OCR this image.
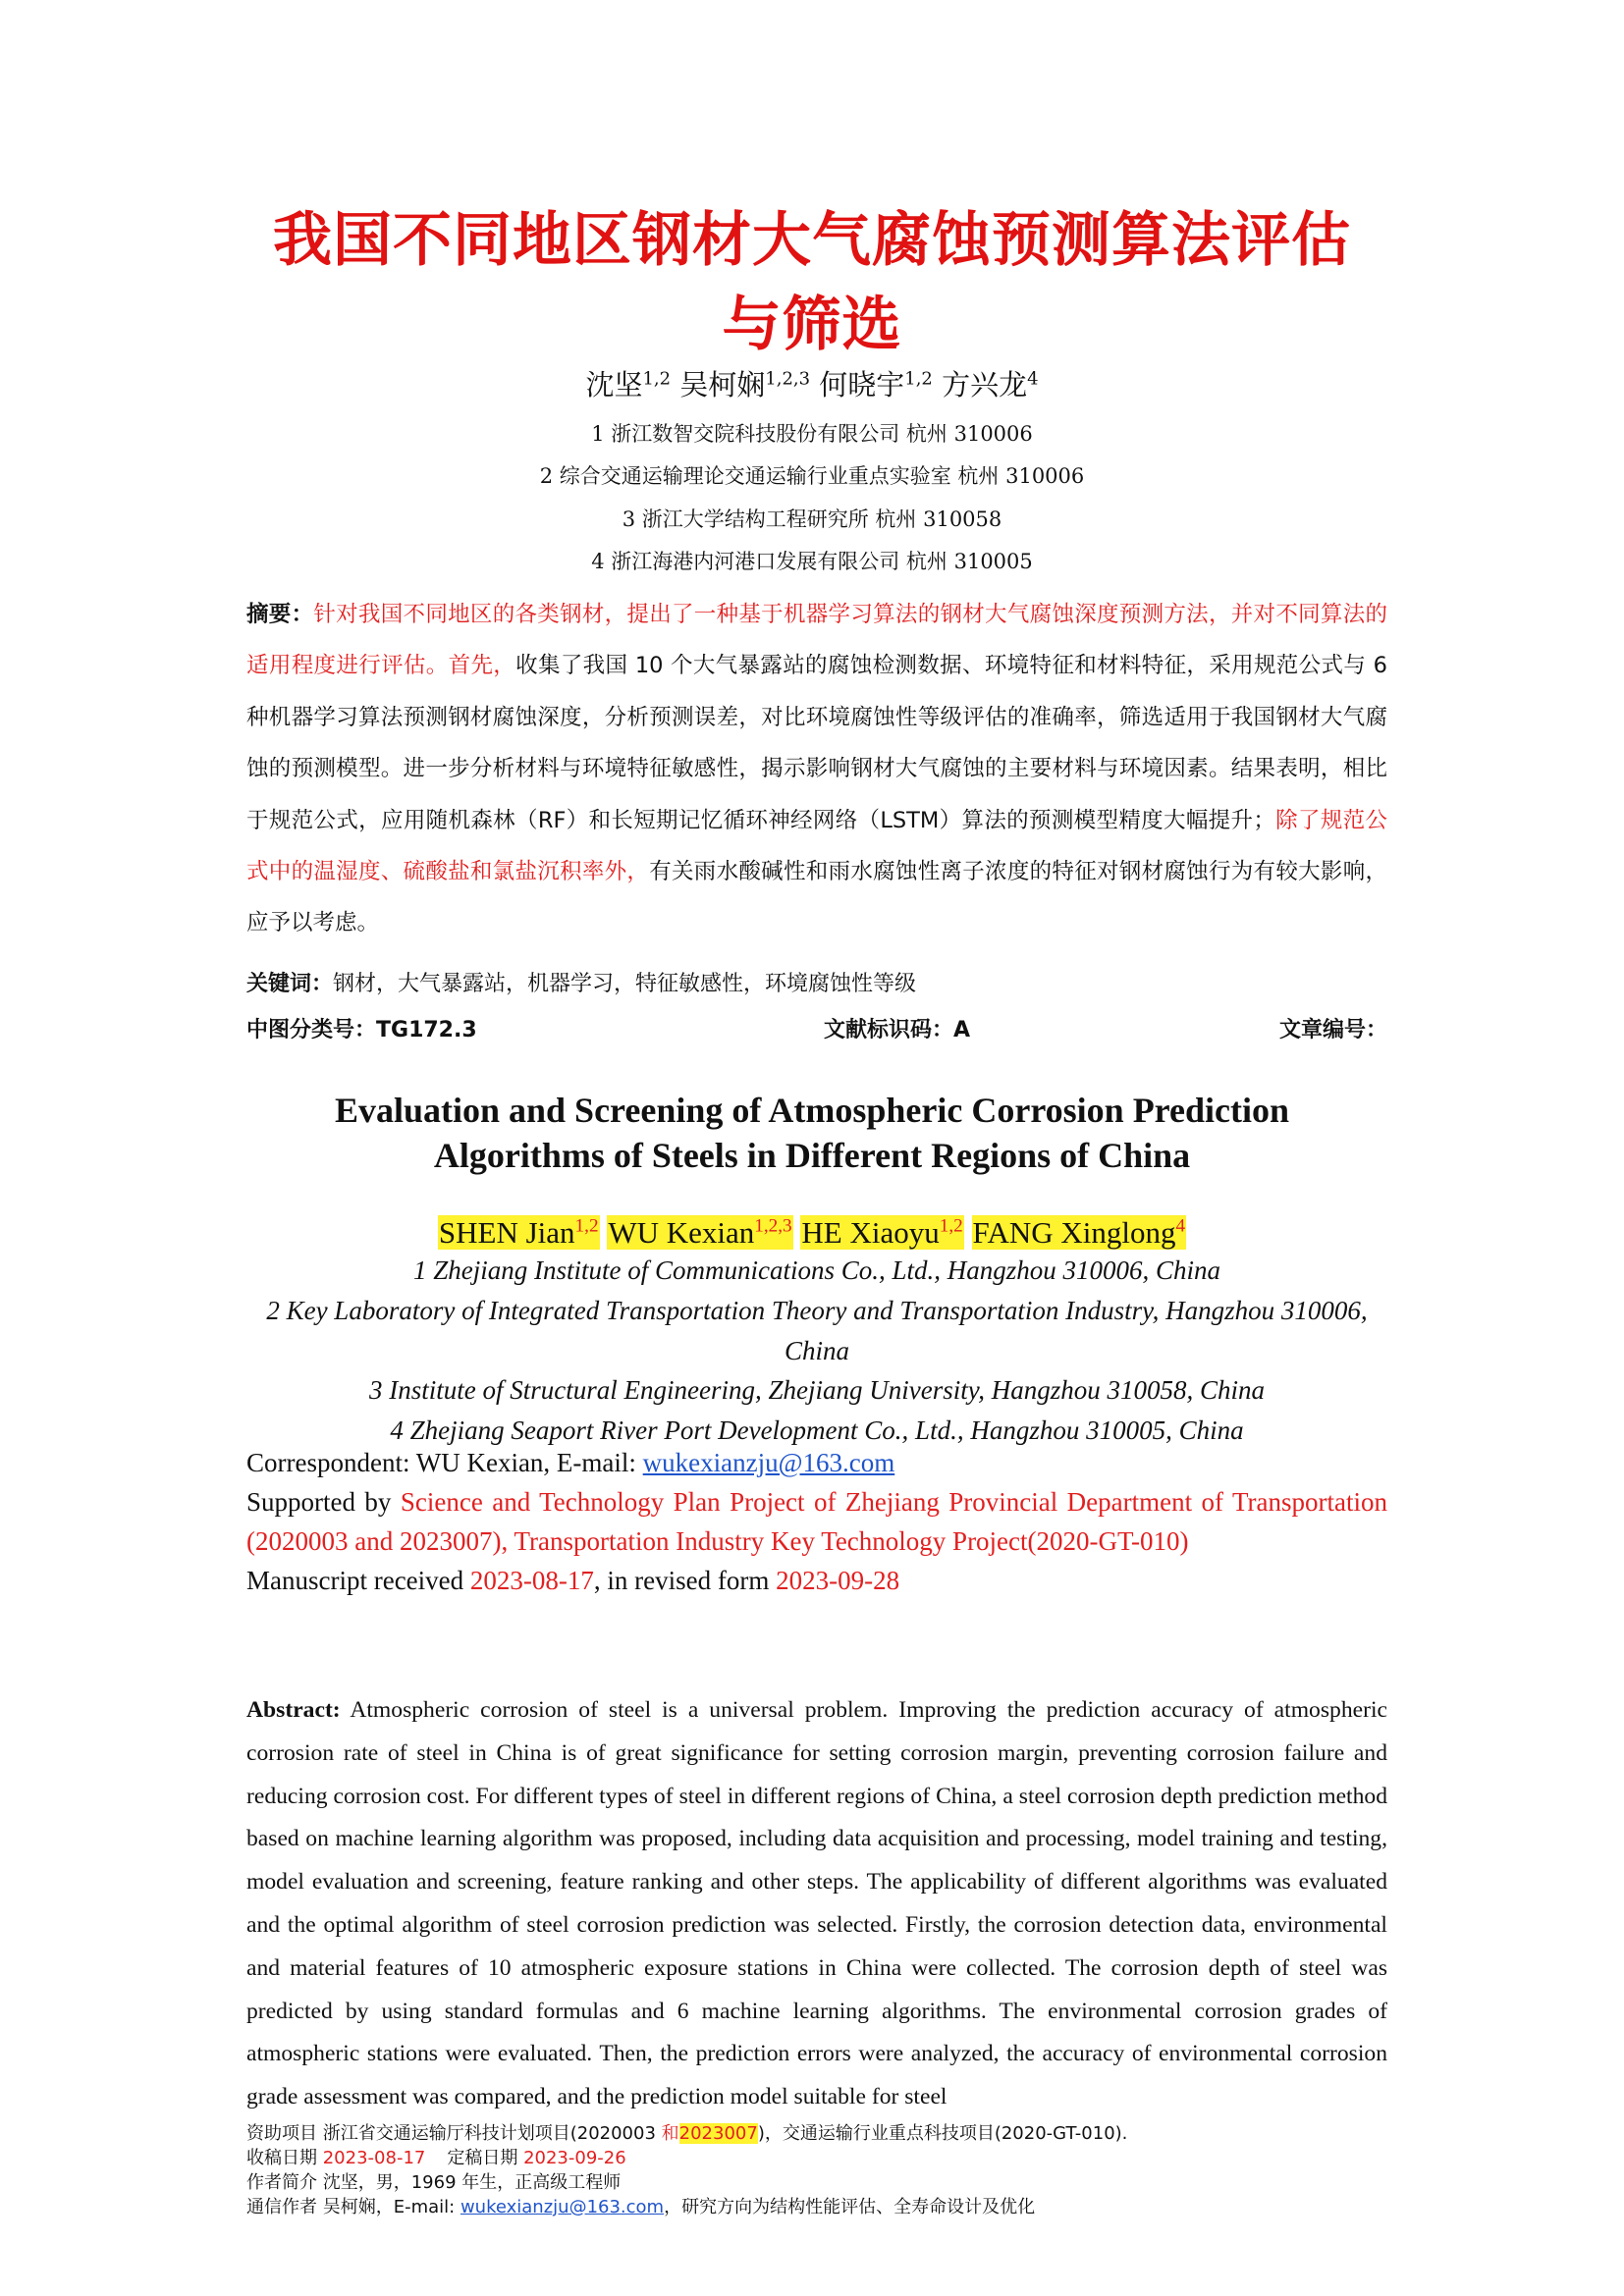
我国不同地区钢材大气腐蚀预测算法评估
与筛选
沈坚$^{1,2}$ 吴柯娴$^{1,2,3}$ 何晓宇$^{1,2}$ 方兴龙$^4$
1 浙江数智交院科技股份有限公司 杭州 310006
2 综合交通运输理论交通运输行业重点实验室 杭州 310006
3 浙江大学结构工程研究所 杭州 310058
4 浙江海港内河港口发展有限公司 杭州 310005
摘要：针对我国不同地区的各类钢材，提出了一种基于机器学习算法的钢材大气腐蚀深度预测方法，并对不同算法的适用程度进行评估。首先，收集了我国 10 个大气暴露站的腐蚀检测数据、环境特征和材料特征，采用规范公式与 6 种机器学习算法预测钢材腐蚀深度，分析预测误差，对比环境腐蚀性等级评估的准确率，筛选适用于我国钢材大气腐蚀的预测模型。进一步分析材料与环境特征敏感性，揭示影响钢材大气腐蚀的主要材料与环境因素。结果表明，相比于规范公式，应用随机森林（RF）和长短期记忆循环神经网络（LSTM）算法的预测模型精度大幅提升；除了规范公式中的温湿度、硫酸盐和氯盐沉积率外，有关雨水酸碱性和雨水腐蚀性离子浓度的特征对钢材腐蚀行为有较大影响，应予以考虑。
关键词：钢材，大气暴露站，机器学习，特征敏感性，环境腐蚀性等级
中图分类号：TG172.3	文献标识码：A	文章编号：
Evaluation and Screening of Atmospheric Corrosion Prediction
Algorithms of Steels in Different Regions of China
SHEN Jian$^{1,2}$ WU Kexian$^{1,2,3}$ HE Xiaoyu$^{1,2}$ FANG Xinglong$^4$
1 Zhejiang Institute of Communications Co., Ltd., Hangzhou 310006, China
2 Key Laboratory of Integrated Transportation Theory and Transportation Industry, Hangzhou 310006, China
3 Institute of Structural Engineering, Zhejiang University, Hangzhou 310058, China
4 Zhejiang Seaport River Port Development Co., Ltd., Hangzhou 310005, China
Correspondent: WU Kexian, E-mail: wukexianzju@163.com
Supported by Science and Technology Plan Project of Zhejiang Provincial Department of Transportation (2020003 and 2023007), Transportation Industry Key Technology Project(2020-GT-010)
Manuscript received 2023-08-17, in revised form 2023-09-28
Abstract: Atmospheric corrosion of steel is a universal problem. Improving the prediction accuracy of atmospheric corrosion rate of steel in China is of great significance for setting corrosion margin, preventing corrosion failure and reducing corrosion cost. For different types of steel in different regions of China, a steel corrosion depth prediction method based on machine learning algorithm was proposed, including data acquisition and processing, model training and testing, model evaluation and screening, feature ranking and other steps. The applicability of different algorithms was evaluated and the optimal algorithm of steel corrosion prediction was selected. Firstly, the corrosion detection data, environmental and material features of 10 atmospheric exposure stations in China were collected. The corrosion depth of steel was predicted by using standard formulas and 6 machine learning algorithms. The environmental corrosion grades of atmospheric stations were evaluated. Then, the prediction errors were analyzed, the accuracy of environmental corrosion grade assessment was compared, and the prediction model suitable for steel
资助项目 浙江省交通运输厅科技计划项目(2020003 和2023007)，交通运输行业重点科技项目(2020-GT-010).
收稿日期 2023-08-17 定稿日期 2023-09-26
作者简介 沈坚，男，1969 年生，正高级工程师
通信作者 吴柯娴，E-mail: wukexianzju@163.com，研究方向为结构性能评估、全寿命设计及优化
